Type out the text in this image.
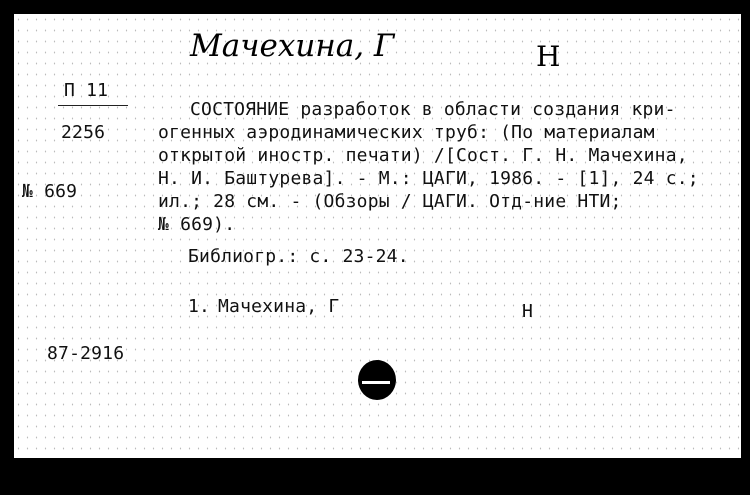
Мачехина, Г	Н
П 11
2256
№ 669
СОСТОЯНИЕ разработок в области создания кри-
огенных аэродинамических труб: (По материалам
открытой иностр. печати) /[Сост. Г. Н. Мачехина,
Н. И. Баштурева]. - М.: ЦАГИ, 1986. - [1], 24 с.;
ил.; 28 см. - (Обзоры / ЦАГИ. Отд-ние НТИ;
№ 669).
Библиогр.: с. 23-24.
1. Мачехина, Г	Н
87-2916
